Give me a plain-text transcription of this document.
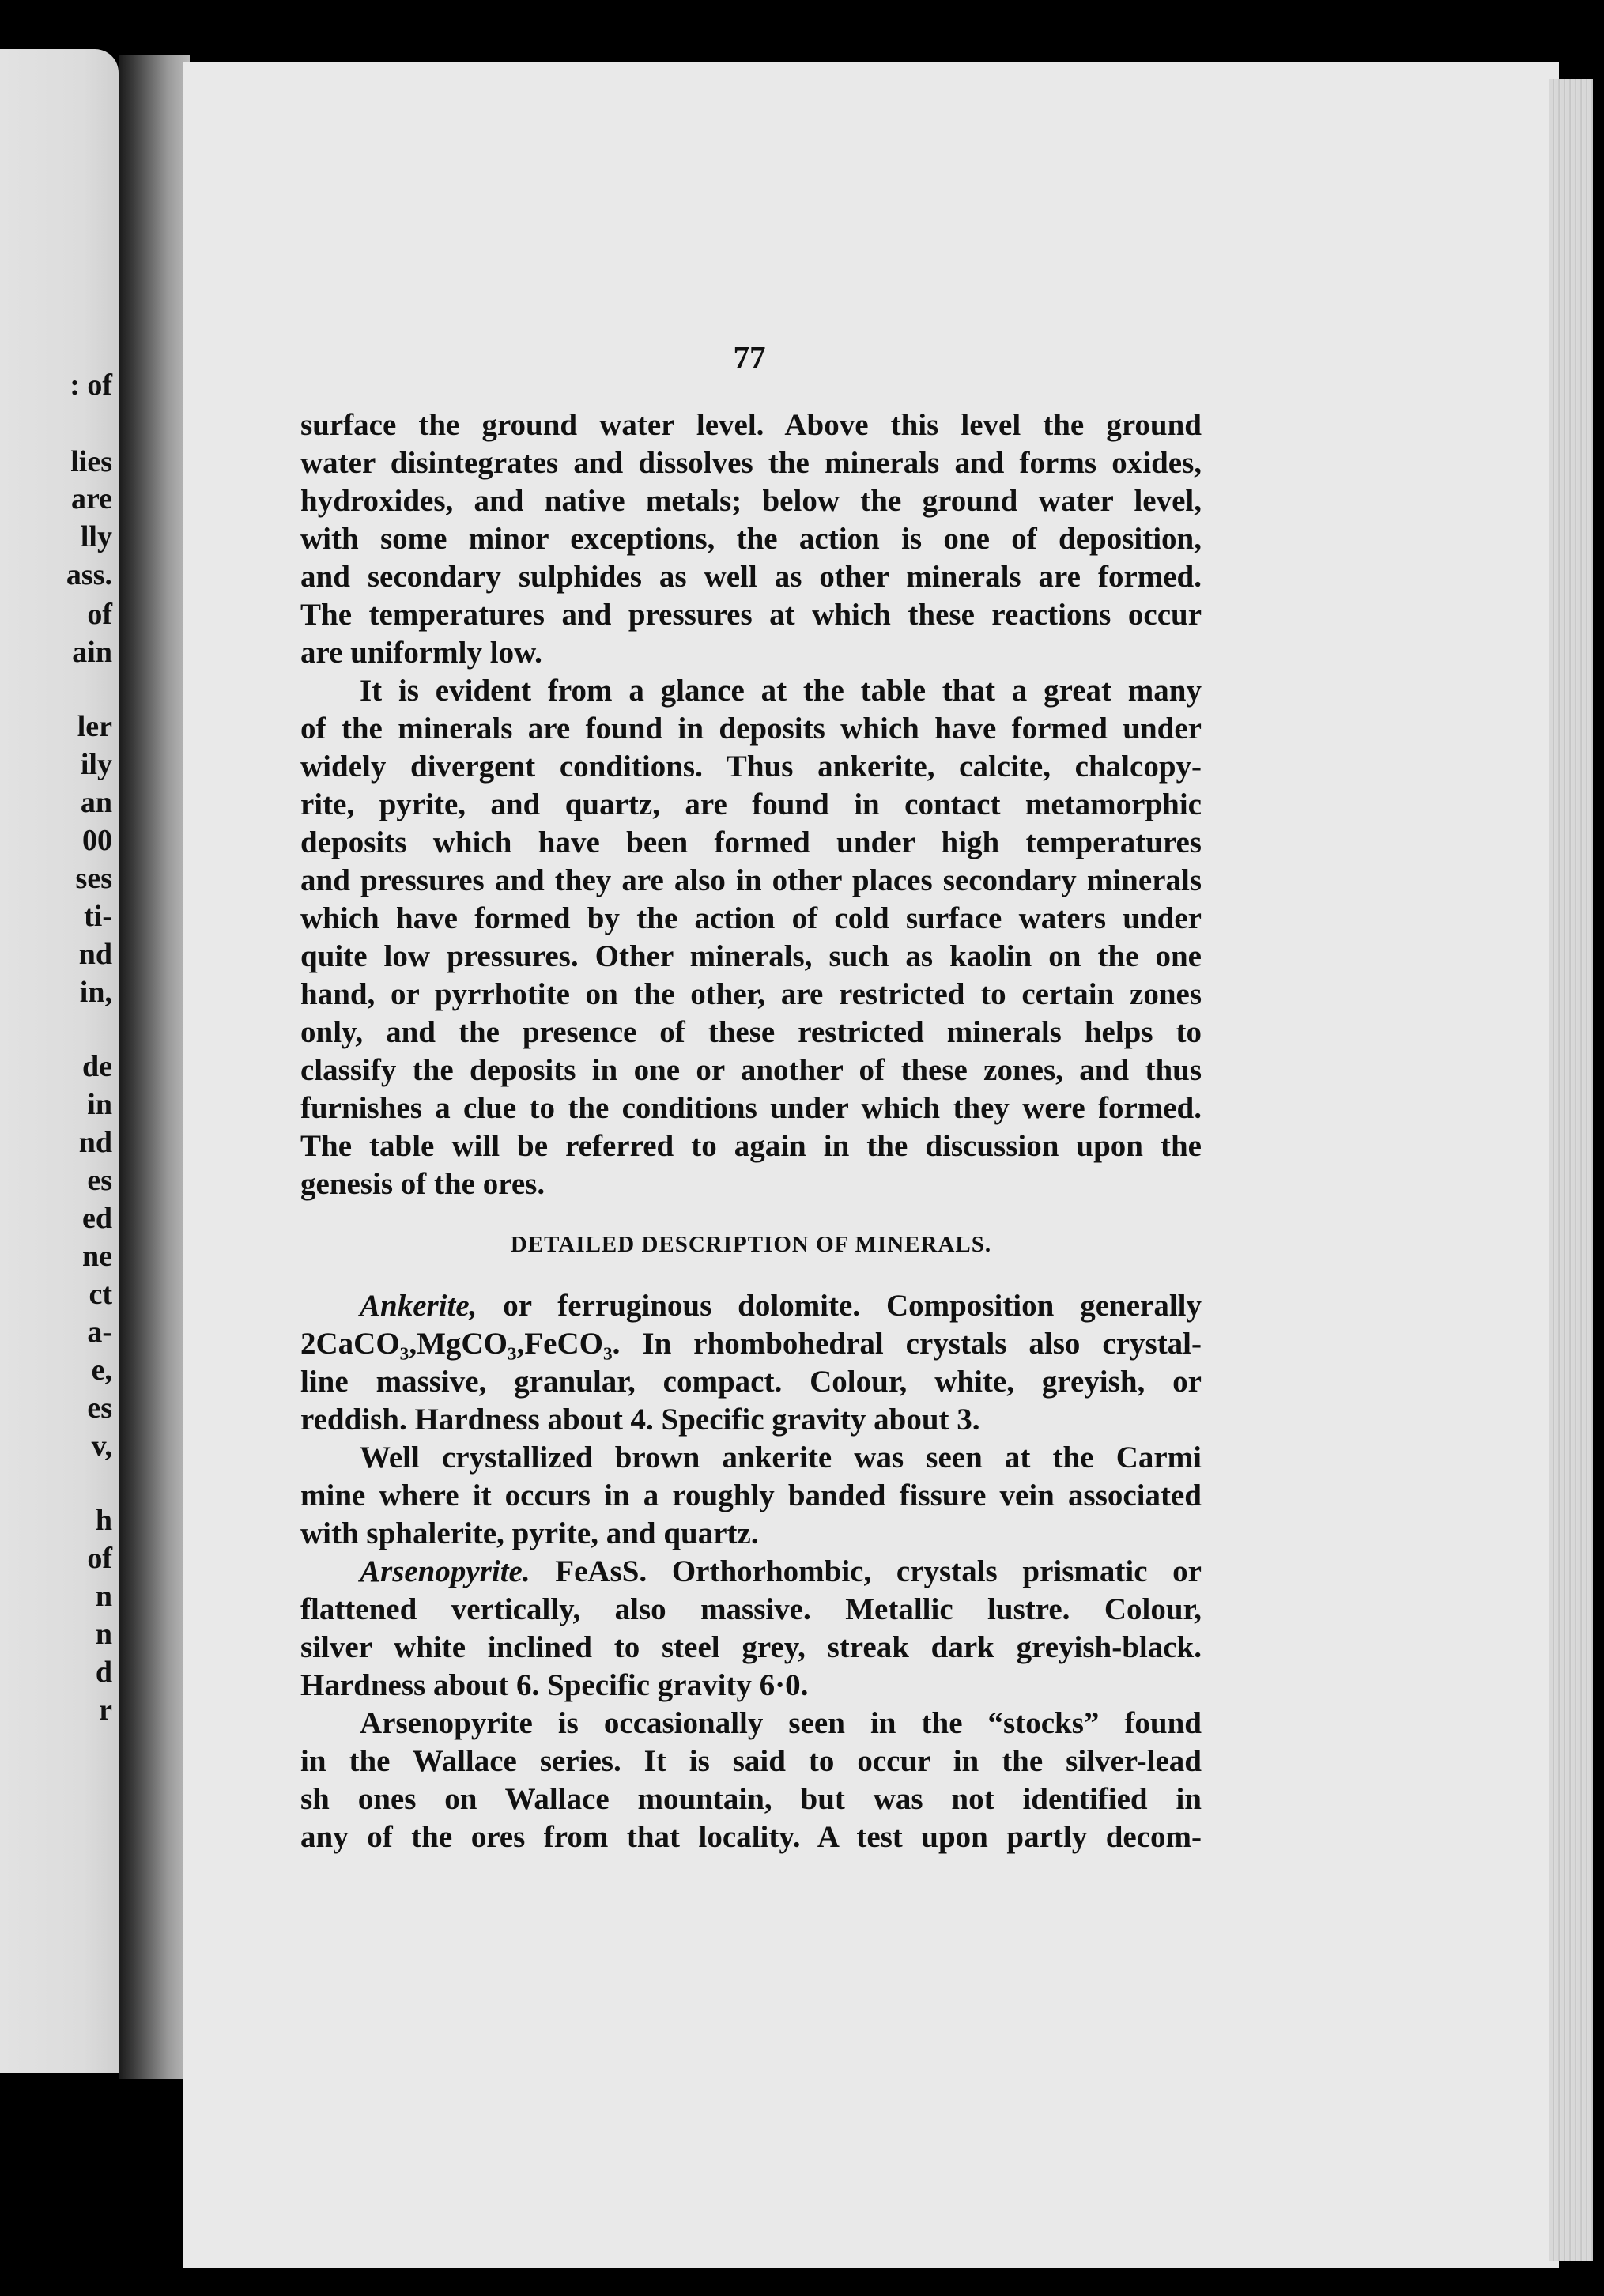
: of
lies
are
lly
ass.
of
ain
ler
ily
an
00
ses
ti-
nd
in,
de
in
nd
es
ed
ne
ct
a-
e,
es
v,
h
of
n
n
d
r
77
surface the ground water level. Above this level the ground
water disintegrates and dissolves the minerals and forms oxides,
hydroxides, and native metals; below the ground water level,
with some minor exceptions, the action is one of deposition,
and secondary sulphides as well as other minerals are formed.
The temperatures and pressures at which these reactions occur
are uniformly low.
It is evident from a glance at the table that a great many
of the minerals are found in deposits which have formed under
widely divergent conditions. Thus ankerite, calcite, chalcopy-
rite, pyrite, and quartz, are found in contact metamorphic
deposits which have been formed under high temperatures
and pressures and they are also in other places secondary minerals
which have formed by the action of cold surface waters under
quite low pressures. Other minerals, such as kaolin on the one
hand, or pyrrhotite on the other, are restricted to certain zones
only, and the presence of these restricted minerals helps to
classify the deposits in one or another of these zones, and thus
furnishes a clue to the conditions under which they were formed.
The table will be referred to again in the discussion upon the
genesis of the ores.
DETAILED DESCRIPTION OF MINERALS.
Ankerite, or ferruginous dolomite. Composition generally
2CaCO₃,MgCO₃,FeCO₃. In rhombohedral crystals also crystal-
line massive, granular, compact. Colour, white, greyish, or
reddish. Hardness about 4. Specific gravity about 3.
Well crystallized brown ankerite was seen at the Carmi
mine where it occurs in a roughly banded fissure vein associated
with sphalerite, pyrite, and quartz.
Arsenopyrite. FeAsS. Orthorhombic, crystals prismatic or
flattened vertically, also massive. Metallic lustre. Colour,
silver white inclined to steel grey, streak dark greyish-black.
Hardness about 6. Specific gravity 6·0.
Arsenopyrite is occasionally seen in the “stocks” found
in the Wallace series. It is said to occur in the silver-lead
sh ones on Wallace mountain, but was not identified in
any of the ores from that locality. A test upon partly decom-
